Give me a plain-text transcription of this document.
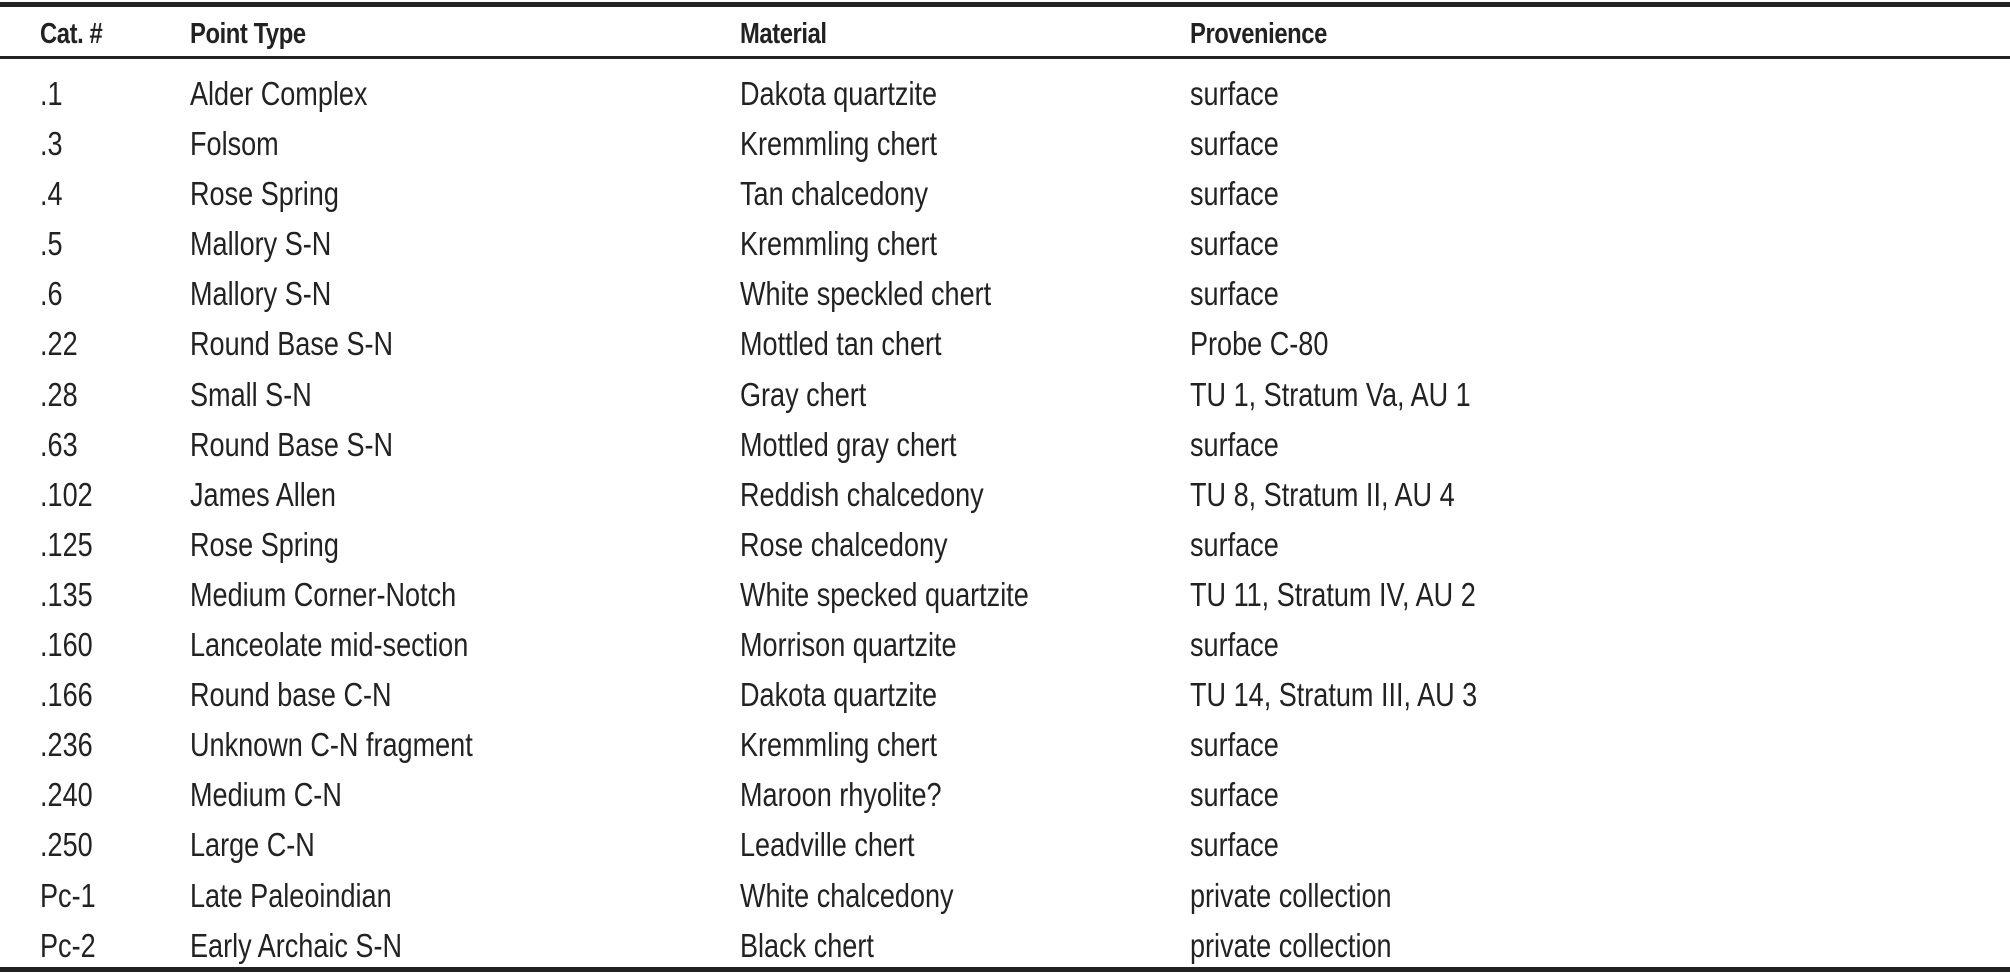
Cat. #	Point Type	Material	Provenience
.1	Alder Complex	Dakota quartzite	surface
.3	Folsom	Kremmling chert	surface
.4	Rose Spring	Tan chalcedony	surface
.5	Mallory S-N	Kremmling chert	surface
.6	Mallory S-N	White speckled chert	surface
.22	Round Base S-N	Mottled tan chert	Probe C-80
.28	Small S-N	Gray chert	TU 1, Stratum Va, AU 1
.63	Round Base S-N	Mottled gray chert	surface
.102	James Allen	Reddish chalcedony	TU 8, Stratum II, AU 4
.125	Rose Spring	Rose chalcedony	surface
.135	Medium Corner-Notch	White specked quartzite	TU 11, Stratum IV, AU 2
.160	Lanceolate mid-section	Morrison quartzite	surface
.166	Round base C-N	Dakota quartzite	TU 14, Stratum III, AU 3
.236	Unknown C-N fragment	Kremmling chert	surface
.240	Medium C-N	Maroon rhyolite?	surface
.250	Large C-N	Leadville chert	surface
Pc-1	Late Paleoindian	White chalcedony	private collection
Pc-2	Early Archaic S-N	Black chert	private collection
